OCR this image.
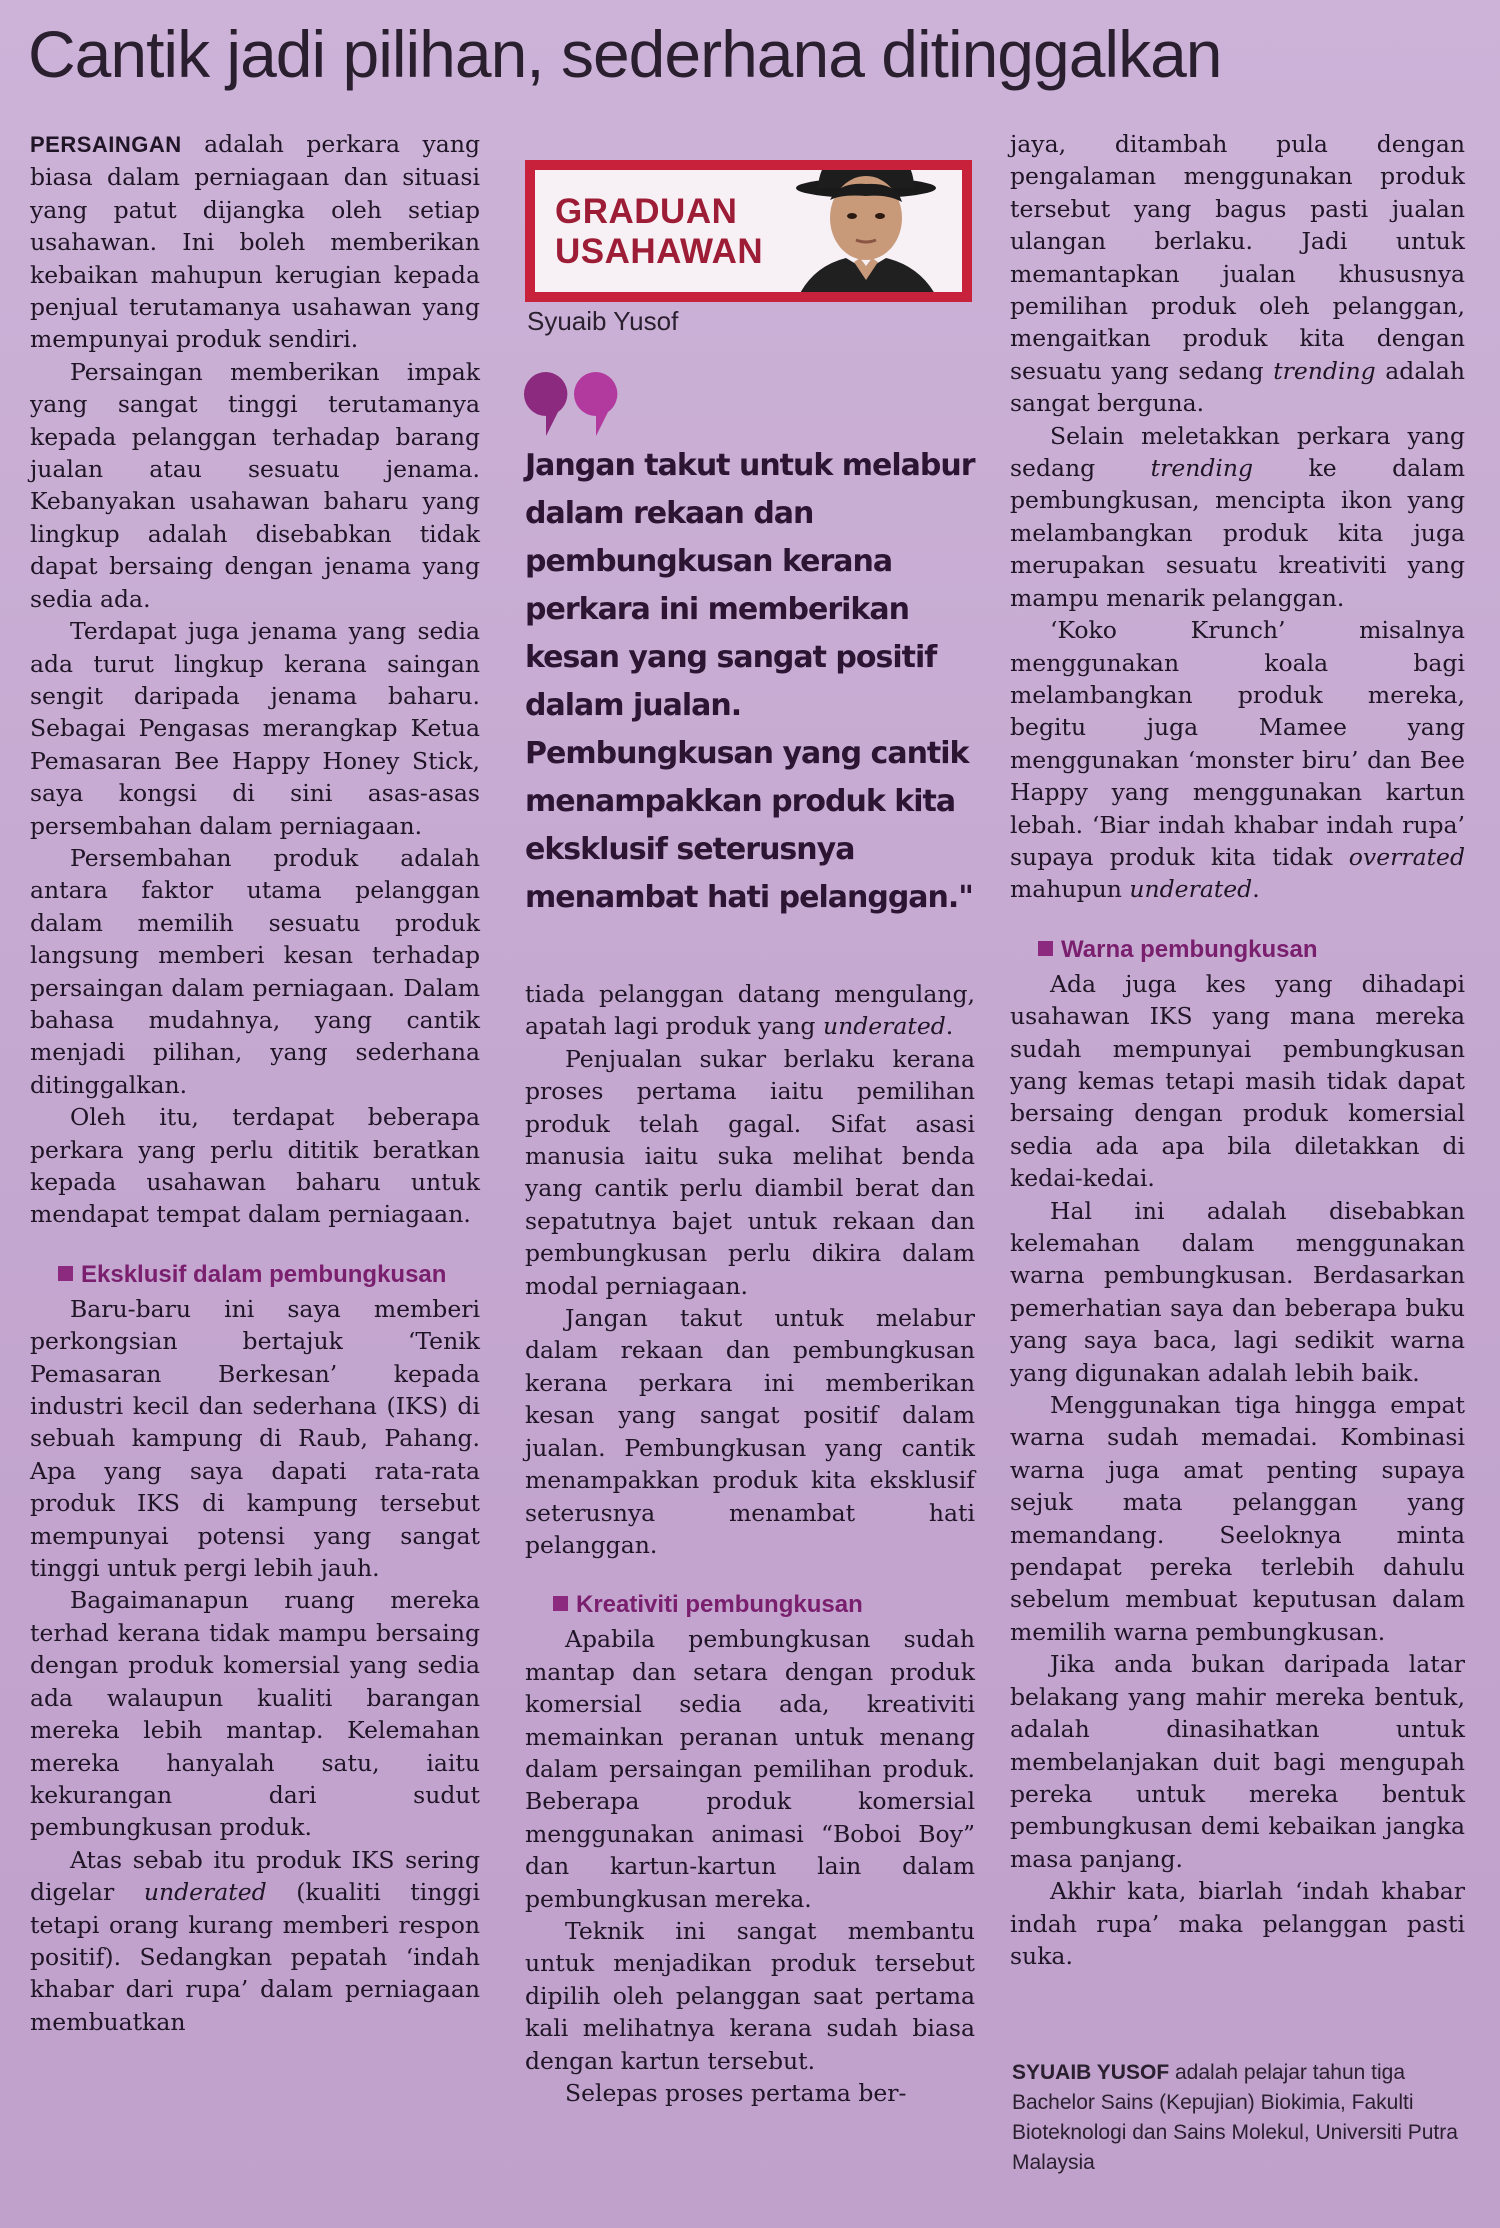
Cantik jadi pilihan, sederhana ditinggalkan

PERSAINGAN adalah perkara yang biasa dalam perniagaan dan situasi yang patut dijangka oleh setiap usahawan. Ini boleh memberikan kebaikan mahupun kerugian kepada penjual terutamanya usahawan yang mempunyai produk sendiri.

Persaingan memberikan impak yang sangat tinggi terutamanya kepada pelanggan terhadap barang jualan atau sesuatu jenama. Kebanyakan usahawan baharu yang lingkup adalah disebabkan tidak dapat bersaing dengan jenama yang sedia ada.

Terdapat juga jenama yang sedia ada turut lingkup kerana saingan sengit daripada jenama baharu. Sebagai Pengasas merangkap Ketua Pemasaran Bee Happy Honey Stick, saya kongsi di sini asas-asas persembahan dalam perniagaan.

Persembahan produk adalah antara faktor utama pelanggan dalam memilih sesuatu produk langsung memberi kesan terhadap persaingan dalam perniagaan. Dalam bahasa mudahnya, yang cantik menjadi pilihan, yang sederhana ditinggalkan.

Oleh itu, terdapat beberapa perkara yang perlu dititik beratkan kepada usahawan baharu untuk mendapat tempat dalam perniagaan.

Eksklusif dalam pembungkusan

Baru-baru ini saya memberi perkongsian bertajuk ‘Tenik Pemasaran Berkesan’ kepada industri kecil dan sederhana (IKS) di sebuah kampung di Raub, Pahang. Apa yang saya dapati rata-rata produk IKS di kampung tersebut mempunyai potensi yang sangat tinggi untuk pergi lebih jauh.

Bagaimanapun ruang mereka terhad kerana tidak mampu bersaing dengan produk komersial yang sedia ada walaupun kualiti barangan mereka lebih mantap. Kelemahan mereka hanyalah satu, iaitu kekurangan dari sudut pembungkusan produk.

Atas sebab itu produk IKS sering digelar underated (kualiti tinggi tetapi orang kurang memberi respon positif). Sedangkan pepatah ‘indah khabar dari rupa’ dalam perniagaan membuatkan

GRADUAN
USAHAWAN
Syuaib Yusof
Jangan takut untuk melabur dalam rekaan dan pembungkusan kerana perkara ini memberikan kesan yang sangat positif dalam jualan. Pembungkusan yang cantik menampakkan produk kita eksklusif seterusnya menambat hati pelanggan."

tiada pelanggan datang mengulang, apatah lagi produk yang underated.

Penjualan sukar berlaku kerana proses pertama iaitu pemilihan produk telah gagal. Sifat asasi manusia iaitu suka melihat benda yang cantik perlu diambil berat dan sepatutnya bajet untuk rekaan dan pembungkusan perlu dikira dalam modal perniagaan.

Jangan takut untuk melabur dalam rekaan dan pembungkusan kerana perkara ini memberikan kesan yang sangat positif dalam jualan. Pembungkusan yang cantik menampakkan produk kita eksklusif seterusnya menambat hati pelanggan.

Kreativiti pembungkusan

Apabila pembungkusan sudah mantap dan setara dengan produk komersial sedia ada, kreativiti memainkan peranan untuk menang dalam persaingan pemilihan produk. Beberapa produk komersial menggunakan animasi “Boboi Boy” dan kartun-kartun lain dalam pembungkusan mereka.

Teknik ini sangat membantu untuk menjadikan produk tersebut dipilih oleh pelanggan saat pertama kali melihatnya kerana sudah biasa dengan kartun tersebut.

Selepas proses pertama ber-

jaya, ditambah pula dengan pengalaman menggunakan produk tersebut yang bagus pasti jualan ulangan berlaku. Jadi untuk memantapkan jualan khususnya pemilihan produk oleh pelanggan, mengaitkan produk kita dengan sesuatu yang sedang trending adalah sangat berguna.

Selain meletakkan perkara yang sedang trending ke dalam pembungkusan, mencipta ikon yang melambangkan produk kita juga merupakan sesuatu kreativiti yang mampu menarik pelanggan.

‘Koko Krunch’ misalnya menggunakan koala bagi melambangkan produk mereka, begitu juga Mamee yang menggunakan ‘monster biru’ dan Bee Happy yang menggunakan kartun lebah. ‘Biar indah khabar indah rupa’ supaya produk kita tidak overrated mahupun underated.

Warna pembungkusan

Ada juga kes yang dihadapi usahawan IKS yang mana mereka sudah mempunyai pembungkusan yang kemas tetapi masih tidak dapat bersaing dengan produk komersial sedia ada apa bila diletakkan di kedai-kedai.

Hal ini adalah disebabkan kelemahan dalam menggunakan warna pembungkusan. Berdasarkan pemerhatian saya dan beberapa buku yang saya baca, lagi sedikit warna yang digunakan adalah lebih baik.

Menggunakan tiga hingga empat warna sudah memadai. Kombinasi warna juga amat penting supaya sejuk mata pelanggan yang memandang. Seeloknya minta pendapat pereka terlebih dahulu sebelum membuat keputusan dalam memilih warna pembungkusan.

Jika anda bukan daripada latar belakang yang mahir mereka bentuk, adalah dinasihatkan untuk membelanjakan duit bagi mengupah pereka untuk mereka bentuk pembungkusan demi kebaikan jangka masa panjang.

Akhir kata, biarlah ‘indah khabar indah rupa’ maka pelanggan pasti suka.

SYUAIB YUSOF adalah pelajar tahun tiga Bachelor Sains (Kepujian) Biokimia, Fakulti Bioteknologi dan Sains Molekul, Universiti Putra Malaysia
